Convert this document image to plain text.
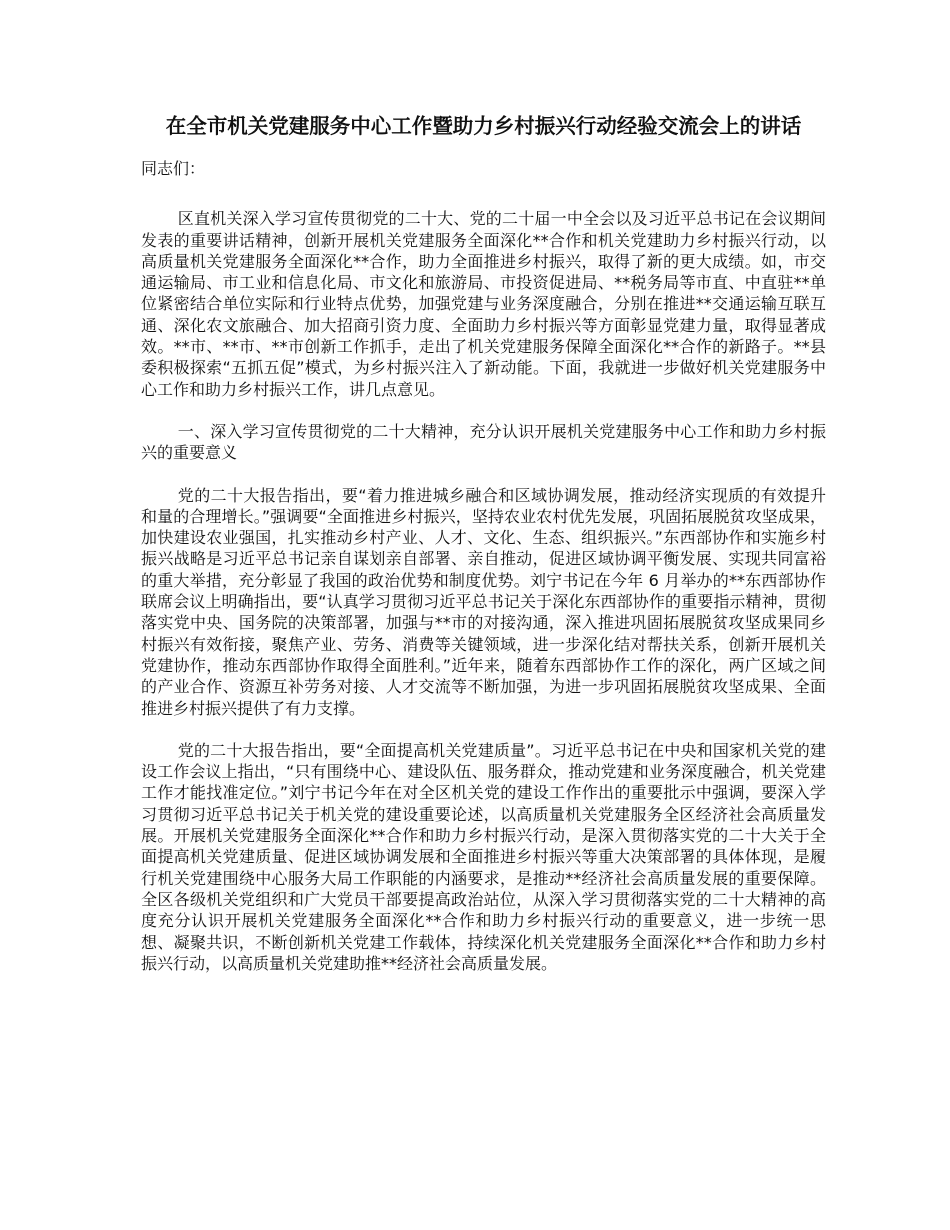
在全市机关党建服务中心工作暨助力乡村振兴行动经验交流会上的讲话

同志们：

区直机关深入学习宣传贯彻党的二十大、党的二十届一中全会以及习近平总书记在会议期间发表的重要讲话精神，创新开展机关党建服务全面深化**合作和机关党建助力乡村振兴行动，以高质量机关党建服务全面深化**合作，助力全面推进乡村振兴，取得了新的更大成绩。如，市交通运输局、市工业和信息化局、市文化和旅游局、市投资促进局、**税务局等市直、中直驻**单位紧密结合单位实际和行业特点优势，加强党建与业务深度融合，分别在推进**交通运输互联互通、深化农文旅融合、加大招商引资力度、全面助力乡村振兴等方面彰显党建力量，取得显著成效。**市、**市、**市创新工作抓手，走出了机关党建服务保障全面深化**合作的新路子。**县委积极探索“五抓五促”模式，为乡村振兴注入了新动能。下面，我就进一步做好机关党建服务中心工作和助力乡村振兴工作，讲几点意见。

一、深入学习宣传贯彻党的二十大精神，充分认识开展机关党建服务中心工作和助力乡村振兴的重要意义

党的二十大报告指出，要“着力推进城乡融合和区域协调发展，推动经济实现质的有效提升和量的合理增长。”强调要“全面推进乡村振兴，坚持农业农村优先发展，巩固拓展脱贫攻坚成果，加快建设农业强国，扎实推动乡村产业、人才、文化、生态、组织振兴。”东西部协作和实施乡村振兴战略是习近平总书记亲自谋划亲自部署、亲自推动，促进区域协调平衡发展、实现共同富裕的重大举措，充分彰显了我国的政治优势和制度优势。刘宁书记在今年 6 月举办的**东西部协作联席会议上明确指出，要“认真学习贯彻习近平总书记关于深化东西部协作的重要指示精神，贯彻落实党中央、国务院的决策部署，加强与**市的对接沟通，深入推进巩固拓展脱贫攻坚成果同乡村振兴有效衔接，聚焦产业、劳务、消费等关键领域，进一步深化结对帮扶关系，创新开展机关党建协作，推动东西部协作取得全面胜利。”近年来，随着东西部协作工作的深化，两广区域之间的产业合作、资源互补劳务对接、人才交流等不断加强，为进一步巩固拓展脱贫攻坚成果、全面推进乡村振兴提供了有力支撑。

党的二十大报告指出，要“全面提高机关党建质量”。习近平总书记在中央和国家机关党的建设工作会议上指出，“只有围绕中心、建设队伍、服务群众，推动党建和业务深度融合，机关党建工作才能找准定位。”刘宁书记今年在对全区机关党的建设工作作出的重要批示中强调，要深入学习贯彻习近平总书记关于机关党的建设重要论述，以高质量机关党建服务全区经济社会高质量发展。开展机关党建服务全面深化**合作和助力乡村振兴行动，是深入贯彻落实党的二十大关于全面提高机关党建质量、促进区域协调发展和全面推进乡村振兴等重大决策部署的具体体现，是履行机关党建围绕中心服务大局工作职能的内涵要求，是推动**经济社会高质量发展的重要保障。全区各级机关党组织和广大党员干部要提高政治站位，从深入学习贯彻落实党的二十大精神的高度充分认识开展机关党建服务全面深化**合作和助力乡村振兴行动的重要意义，进一步统一思想、凝聚共识，不断创新机关党建工作载体，持续深化机关党建服务全面深化**合作和助力乡村振兴行动，以高质量机关党建助推**经济社会高质量发展。
